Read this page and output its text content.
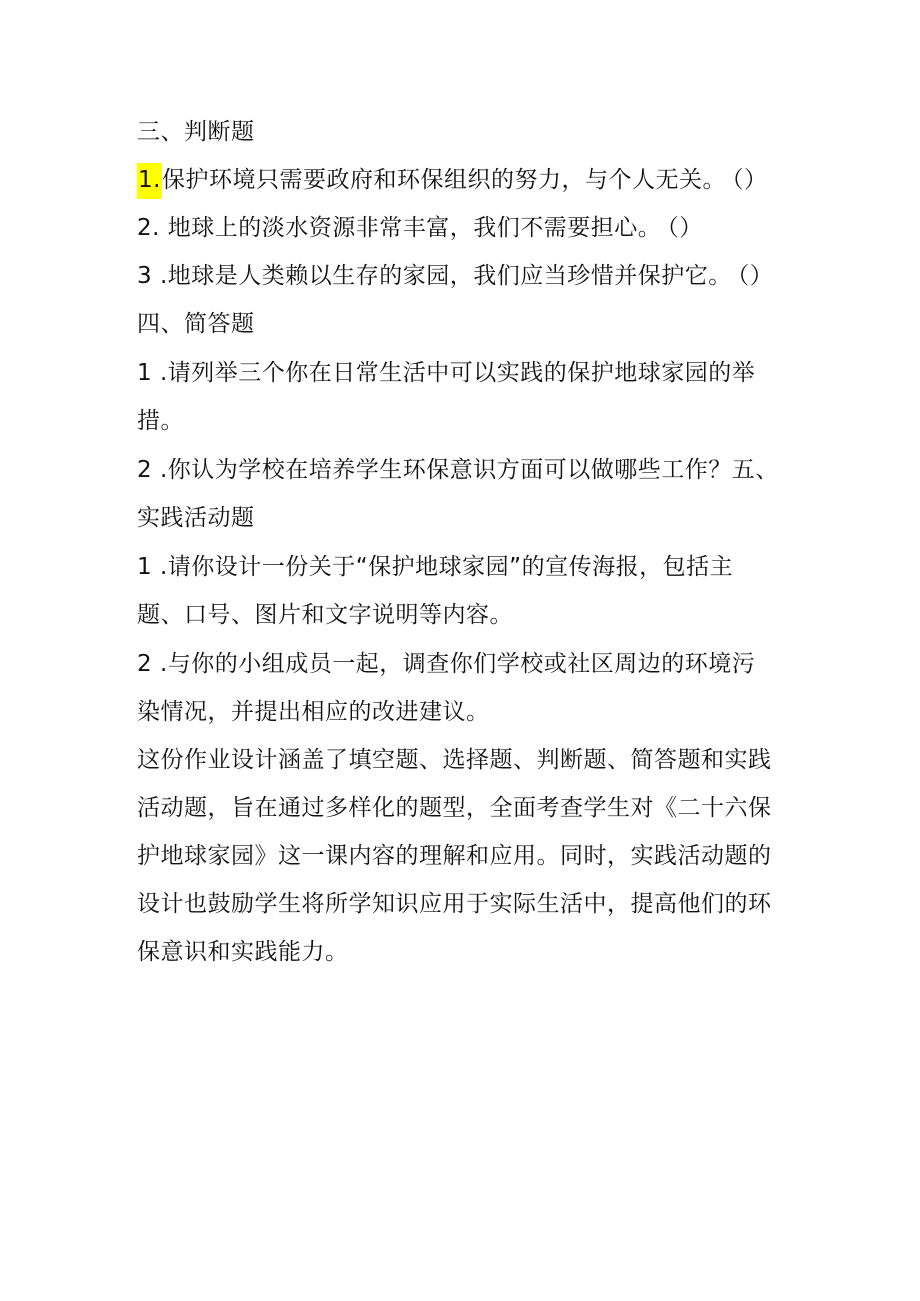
三、判断题
1.保护环境只需要政府和环保组织的努力，与个人无关。 （）
2. 地球上的淡水资源非常丰富，我们不需要担心。 （）
3 .地球是人类赖以生存的家园，我们应当珍惜并保护它。 （）
四、简答题
1 .请列举三个你在日常生活中可以实践的保护地球家园的举
措。
2 .你认为学校在培养学生环保意识方面可以做哪些工作？五、
实践活动题
1 .请你设计一份关于“保护地球家园”的宣传海报，包括主
题、口号、图片和文字说明等内容。
2 .与你的小组成员一起，调查你们学校或社区周边的环境污
染情况，并提出相应的改进建议。
这份作业设计涵盖了填空题、选择题、判断题、简答题和实践
活动题，旨在通过多样化的题型，全面考查学生对《二十六保
护地球家园》这一课内容的理解和应用。同时，实践活动题的
设计也鼓励学生将所学知识应用于实际生活中，提高他们的环
保意识和实践能力。
